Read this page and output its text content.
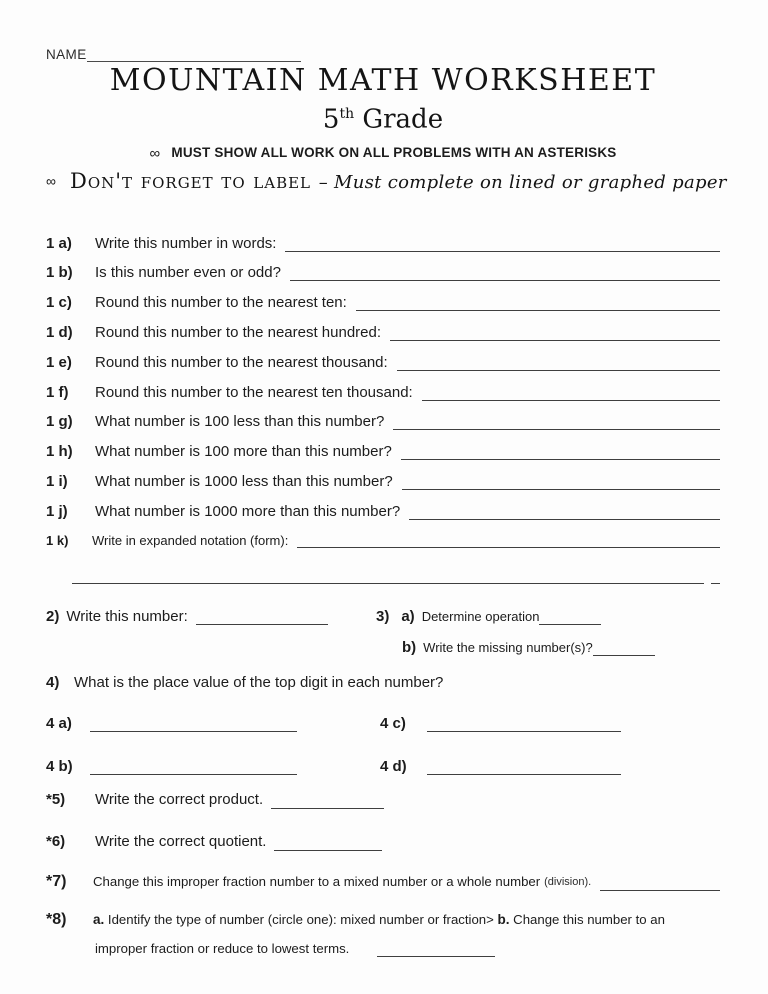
NAME
MOUNTAIN MATH WORKSHEET
5th Grade
∞ MUST SHOW ALL WORK ON ALL PROBLEMS WITH AN ASTERISKS
∞ Don't forget to label – Must complete on lined or graphed paper
1 a)	Write this number in words:
1 b)	Is this number even or odd?
1 c)	Round this number to the nearest ten:
1 d)	Round this number to the nearest hundred:
1 e)	Round this number to the nearest thousand:
1 f)	Round this number to the nearest ten thousand:
1 g)	What number is 100 less than this number?
1 h)	What number is 100 more than this number?
1 i)	What number is 1000 less than this number?
1 j)	What number is 1000 more than this number?
1 k)	Write in expanded notation (form):
2) Write this number:	3) a) Determine operation
b) Write the missing number(s)?
4) What is the place value of the top digit in each number?
4 a)	4 c)
4 b)	4 d)
*5)	Write the correct product.
*6)	Write the correct quotient.
*7)	Change this improper fraction number to a mixed number or a whole number (division).
*8)	a. Identify the type of number (circle one): mixed number or fraction> b. Change this number to an
improper fraction or reduce to lowest terms.
